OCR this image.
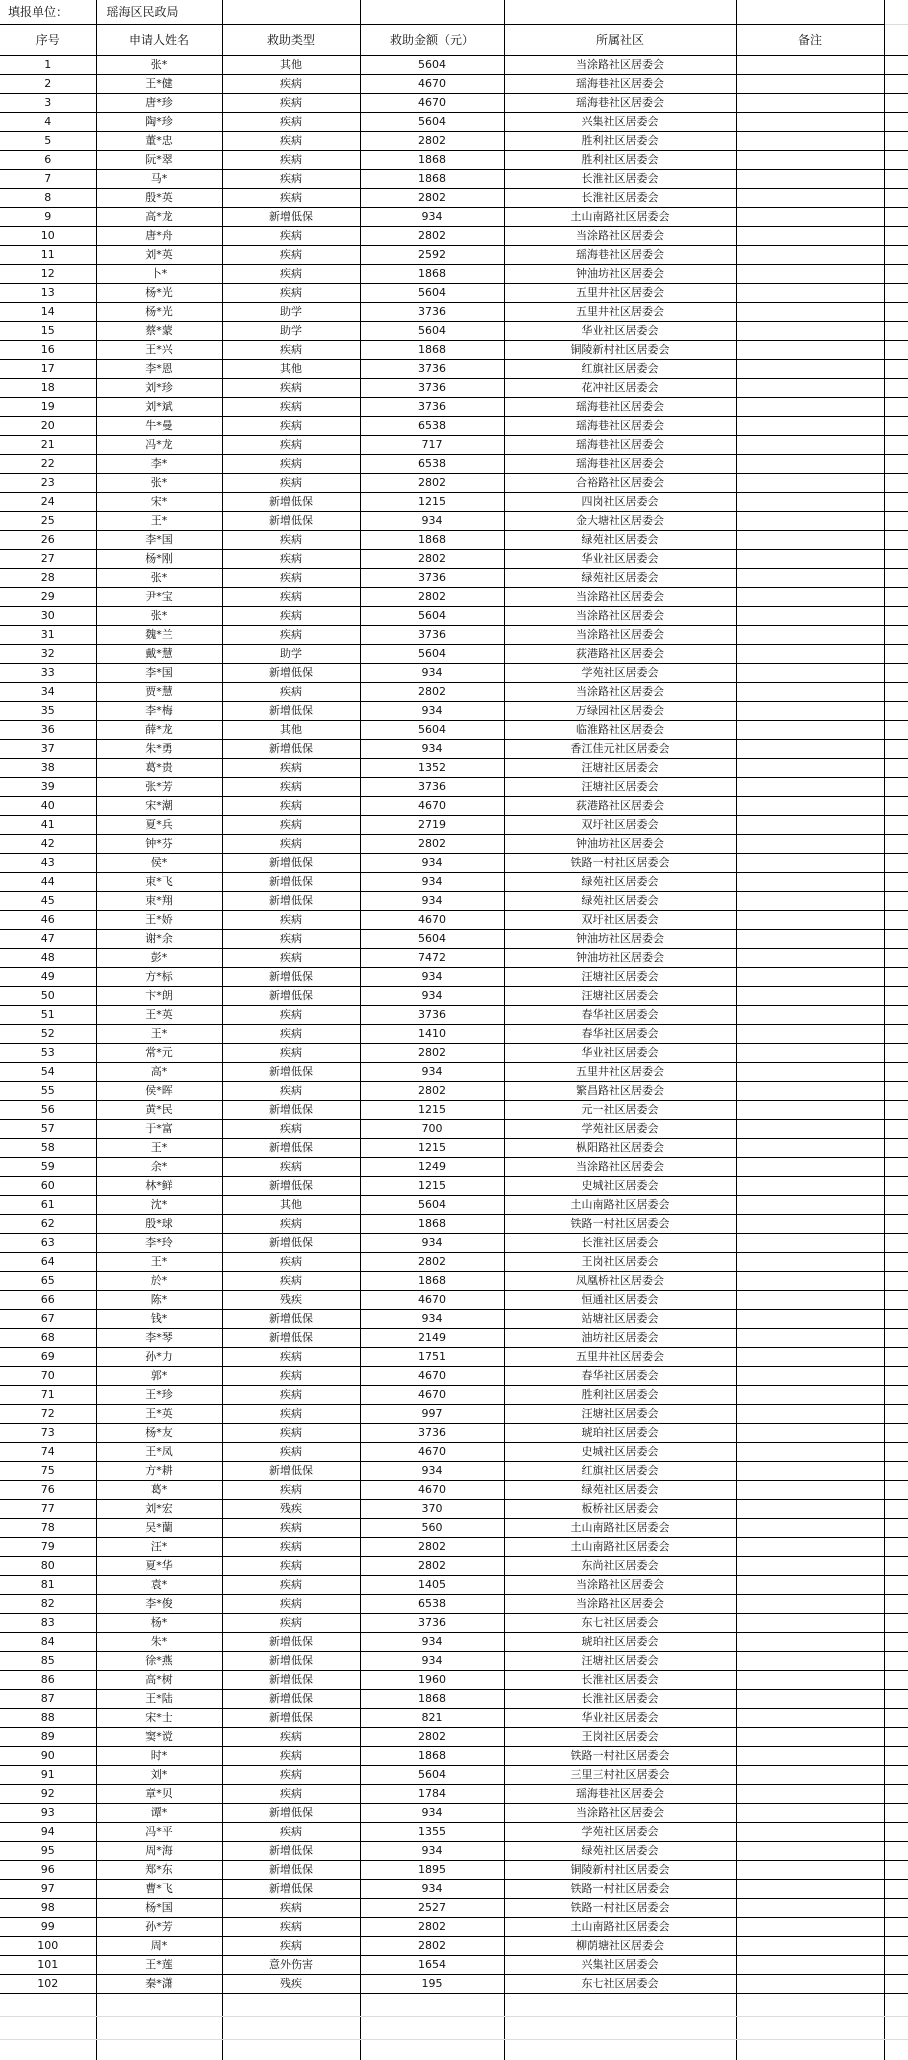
填报单位：	瑶海区民政局					
序号	申请人姓名	救助类型	救助金额（元）	所属社区	备注	
1	张*	其他	5604	当涂路社区居委会		
2	王*健	疾病	4670	瑶海巷社区居委会		
3	唐*珍	疾病	4670	瑶海巷社区居委会		
4	陶*珍	疾病	5604	兴集社区居委会		
5	董*忠	疾病	2802	胜利社区居委会		
6	阮*翠	疾病	1868	胜利社区居委会		
7	马*	疾病	1868	长淮社区居委会		
8	殷*英	疾病	2802	长淮社区居委会		
9	高*龙	新增低保	934	土山南路社区居委会		
10	唐*舟	疾病	2802	当涂路社区居委会		
11	刘*英	疾病	2592	瑶海巷社区居委会		
12	卜*	疾病	1868	钟油坊社区居委会		
13	杨*光	疾病	5604	五里井社区居委会		
14	杨*光	助学	3736	五里井社区居委会		
15	蔡*蒙	助学	5604	华业社区居委会		
16	王*兴	疾病	1868	铜陵新村社区居委会		
17	李*恩	其他	3736	红旗社区居委会		
18	刘*珍	疾病	3736	花冲社区居委会		
19	刘*斌	疾病	3736	瑶海巷社区居委会		
20	牛*曼	疾病	6538	瑶海巷社区居委会		
21	冯*龙	疾病	717	瑶海巷社区居委会		
22	李*	疾病	6538	瑶海巷社区居委会		
23	张*	疾病	2802	合裕路社区居委会		
24	宋*	新增低保	1215	四岗社区居委会		
25	王*	新增低保	934	金大塘社区居委会		
26	李*国	疾病	1868	绿苑社区居委会		
27	杨*刚	疾病	2802	华业社区居委会		
28	张*	疾病	3736	绿苑社区居委会		
29	尹*宝	疾病	2802	当涂路社区居委会		
30	张*	疾病	5604	当涂路社区居委会		
31	魏*兰	疾病	3736	当涂路社区居委会		
32	戴*慧	助学	5604	荻港路社区居委会		
33	李*国	新增低保	934	学苑社区居委会		
34	贾*慧	疾病	2802	当涂路社区居委会		
35	李*梅	新增低保	934	万绿园社区居委会		
36	薛*龙	其他	5604	临淮路社区居委会		
37	朱*勇	新增低保	934	香江佳元社区居委会		
38	葛*贵	疾病	1352	汪塘社区居委会		
39	张*芳	疾病	3736	汪塘社区居委会		
40	宋*潮	疾病	4670	荻港路社区居委会		
41	夏*兵	疾病	2719	双圩社区居委会		
42	钟*芬	疾病	2802	钟油坊社区居委会		
43	侯*	新增低保	934	铁路一村社区居委会		
44	束*飞	新增低保	934	绿苑社区居委会		
45	束*翔	新增低保	934	绿苑社区居委会		
46	王*娇	疾病	4670	双圩社区居委会		
47	谢*余	疾病	5604	钟油坊社区居委会		
48	彭*	疾病	7472	钟油坊社区居委会		
49	方*标	新增低保	934	汪塘社区居委会		
50	卞*朗	新增低保	934	汪塘社区居委会		
51	王*英	疾病	3736	春华社区居委会		
52	王*	疾病	1410	春华社区居委会		
53	常*元	疾病	2802	华业社区居委会		
54	高*	新增低保	934	五里井社区居委会		
55	侯*晖	疾病	2802	繁昌路社区居委会		
56	黄*民	新增低保	1215	元一社区居委会		
57	于*富	疾病	700	学苑社区居委会		
58	王*	新增低保	1215	枞阳路社区居委会		
59	余*	疾病	1249	当涂路社区居委会		
60	林*鲜	新增低保	1215	史城社区居委会		
61	沈*	其他	5604	土山南路社区居委会		
62	殷*球	疾病	1868	铁路一村社区居委会		
63	李*玲	新增低保	934	长淮社区居委会		
64	王*	疾病	2802	王岗社区居委会		
65	於*	疾病	1868	凤凰桥社区居委会		
66	陈*	残疾	4670	恒通社区居委会		
67	钱*	新增低保	934	站塘社区居委会		
68	李*琴	新增低保	2149	油坊社区居委会		
69	孙*力	疾病	1751	五里井社区居委会		
70	郭*	疾病	4670	春华社区居委会		
71	王*珍	疾病	4670	胜利社区居委会		
72	王*英	疾病	997	汪塘社区居委会		
73	杨*友	疾病	3736	琥珀社区居委会		
74	王*凤	疾病	4670	史城社区居委会		
75	方*耕	新增低保	934	红旗社区居委会		
76	葛*	疾病	4670	绿苑社区居委会		
77	刘*宏	残疾	370	板桥社区居委会		
78	吴*蘭	疾病	560	土山南路社区居委会		
79	汪*	疾病	2802	土山南路社区居委会		
80	夏*华	疾病	2802	东尚社区居委会		
81	袁*	疾病	1405	当涂路社区居委会		
82	李*俊	疾病	6538	当涂路社区居委会		
83	杨*	疾病	3736	东七社区居委会		
84	朱*	新增低保	934	琥珀社区居委会		
85	徐*燕	新增低保	934	汪塘社区居委会		
86	高*树	新增低保	1960	长淮社区居委会		
87	王*陆	新增低保	1868	长淮社区居委会		
88	宋*士	新增低保	821	华业社区居委会		
89	窦*谠	疾病	2802	王岗社区居委会		
90	时*	疾病	1868	铁路一村社区居委会		
91	刘*	疾病	5604	三里三村社区居委会		
92	章*贝	疾病	1784	瑶海巷社区居委会		
93	谭*	新增低保	934	当涂路社区居委会		
94	冯*平	疾病	1355	学苑社区居委会		
95	周*海	新增低保	934	绿苑社区居委会		
96	郑*东	新增低保	1895	铜陵新村社区居委会		
97	曹*飞	新增低保	934	铁路一村社区居委会		
98	杨*国	疾病	2527	铁路一村社区居委会		
99	孙*芳	疾病	2802	土山南路社区居委会		
100	周*	疾病	2802	柳荫塘社区居委会		
101	王*莲	意外伤害	1654	兴集社区居委会		
102	秦*潇	残疾	195	东七社区居委会		
